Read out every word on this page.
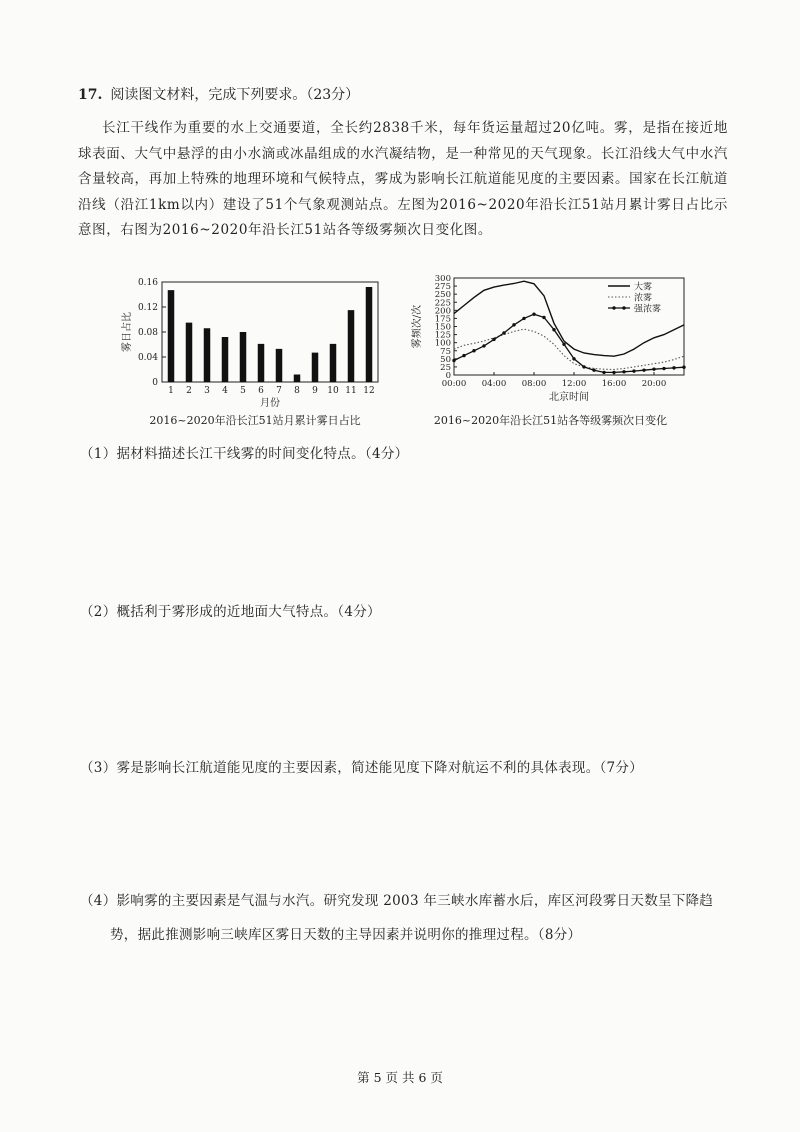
17. 阅读图文材料，完成下列要求。（23分）
长江干线作为重要的水上交通要道，全长约2838千米，每年货运量超过20亿吨。雾，是指在接近地球表面、大气中悬浮的由小水滴或冰晶组成的水汽凝结物，是一种常见的天气现象。长江沿线大气中水汽含量较高，再加上特殊的地理环境和气候特点，雾成为影响长江航道能见度的主要因素。国家在长江航道沿线（沿江1km以内）建设了51个气象观测站点。左图为2016~2020年沿长江51站月累计雾日占比示意图，右图为2016~2020年沿长江51站各等级雾频次日变化图。
0
0.04
0.08
0.12
0.16
1 2 3 4 5 6 7 8 9 10 11 12
月份
雾日占比
2016~2020年沿长江51站月累计雾日占比
0
25
50
75
100
125
150
175
200
225
250
275
300
00:00 04:00 08:00 12:00 16:00 20:00
北京时间
雾频次/次
大雾
浓雾
强浓雾
2016~2020年沿长江51站各等级雾频次日变化
（1）据材料描述长江干线雾的时间变化特点。（4分）
（2）概括利于雾形成的近地面大气特点。（4分）
（3）雾是影响长江航道能见度的主要因素，简述能见度下降对航运不利的具体表现。（7分）
（4）影响雾的主要因素是气温与水汽。研究发现 2003 年三峡水库蓄水后，库区河段雾日天数呈下降趋
势，据此推测影响三峡库区雾日天数的主导因素并说明你的推理过程。（8分）
第 5 页 共 6 页
